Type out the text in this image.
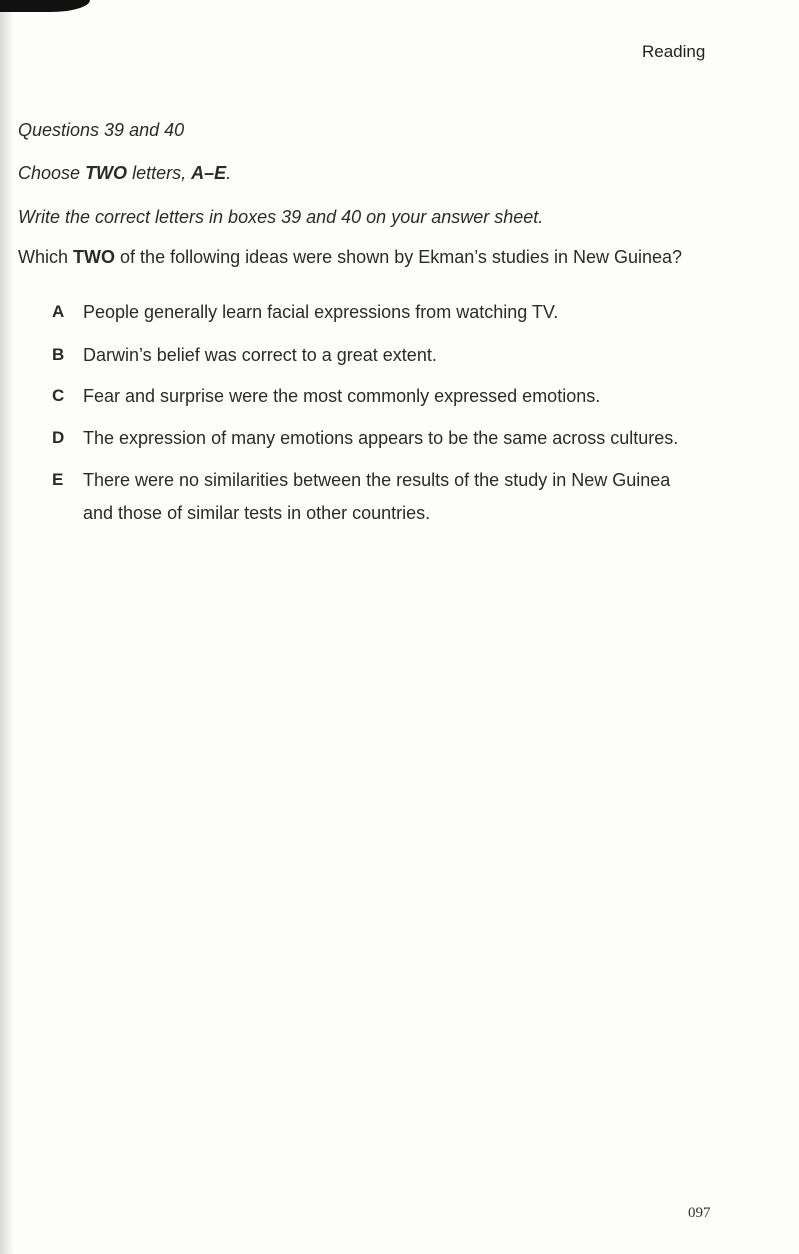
Reading
Questions 39 and 40
Choose TWO letters, A–E.
Write the correct letters in boxes 39 and 40 on your answer sheet.
Which TWO of the following ideas were shown by Ekman’s studies in New Guinea?
A	People generally learn facial expressions from watching TV.
B	Darwin’s belief was correct to a great extent.
C	Fear and surprise were the most commonly expressed emotions.
D	The expression of many emotions appears to be the same across cultures.
E	There were no similarities between the results of the study in New Guinea and those of similar tests in other countries.
097
